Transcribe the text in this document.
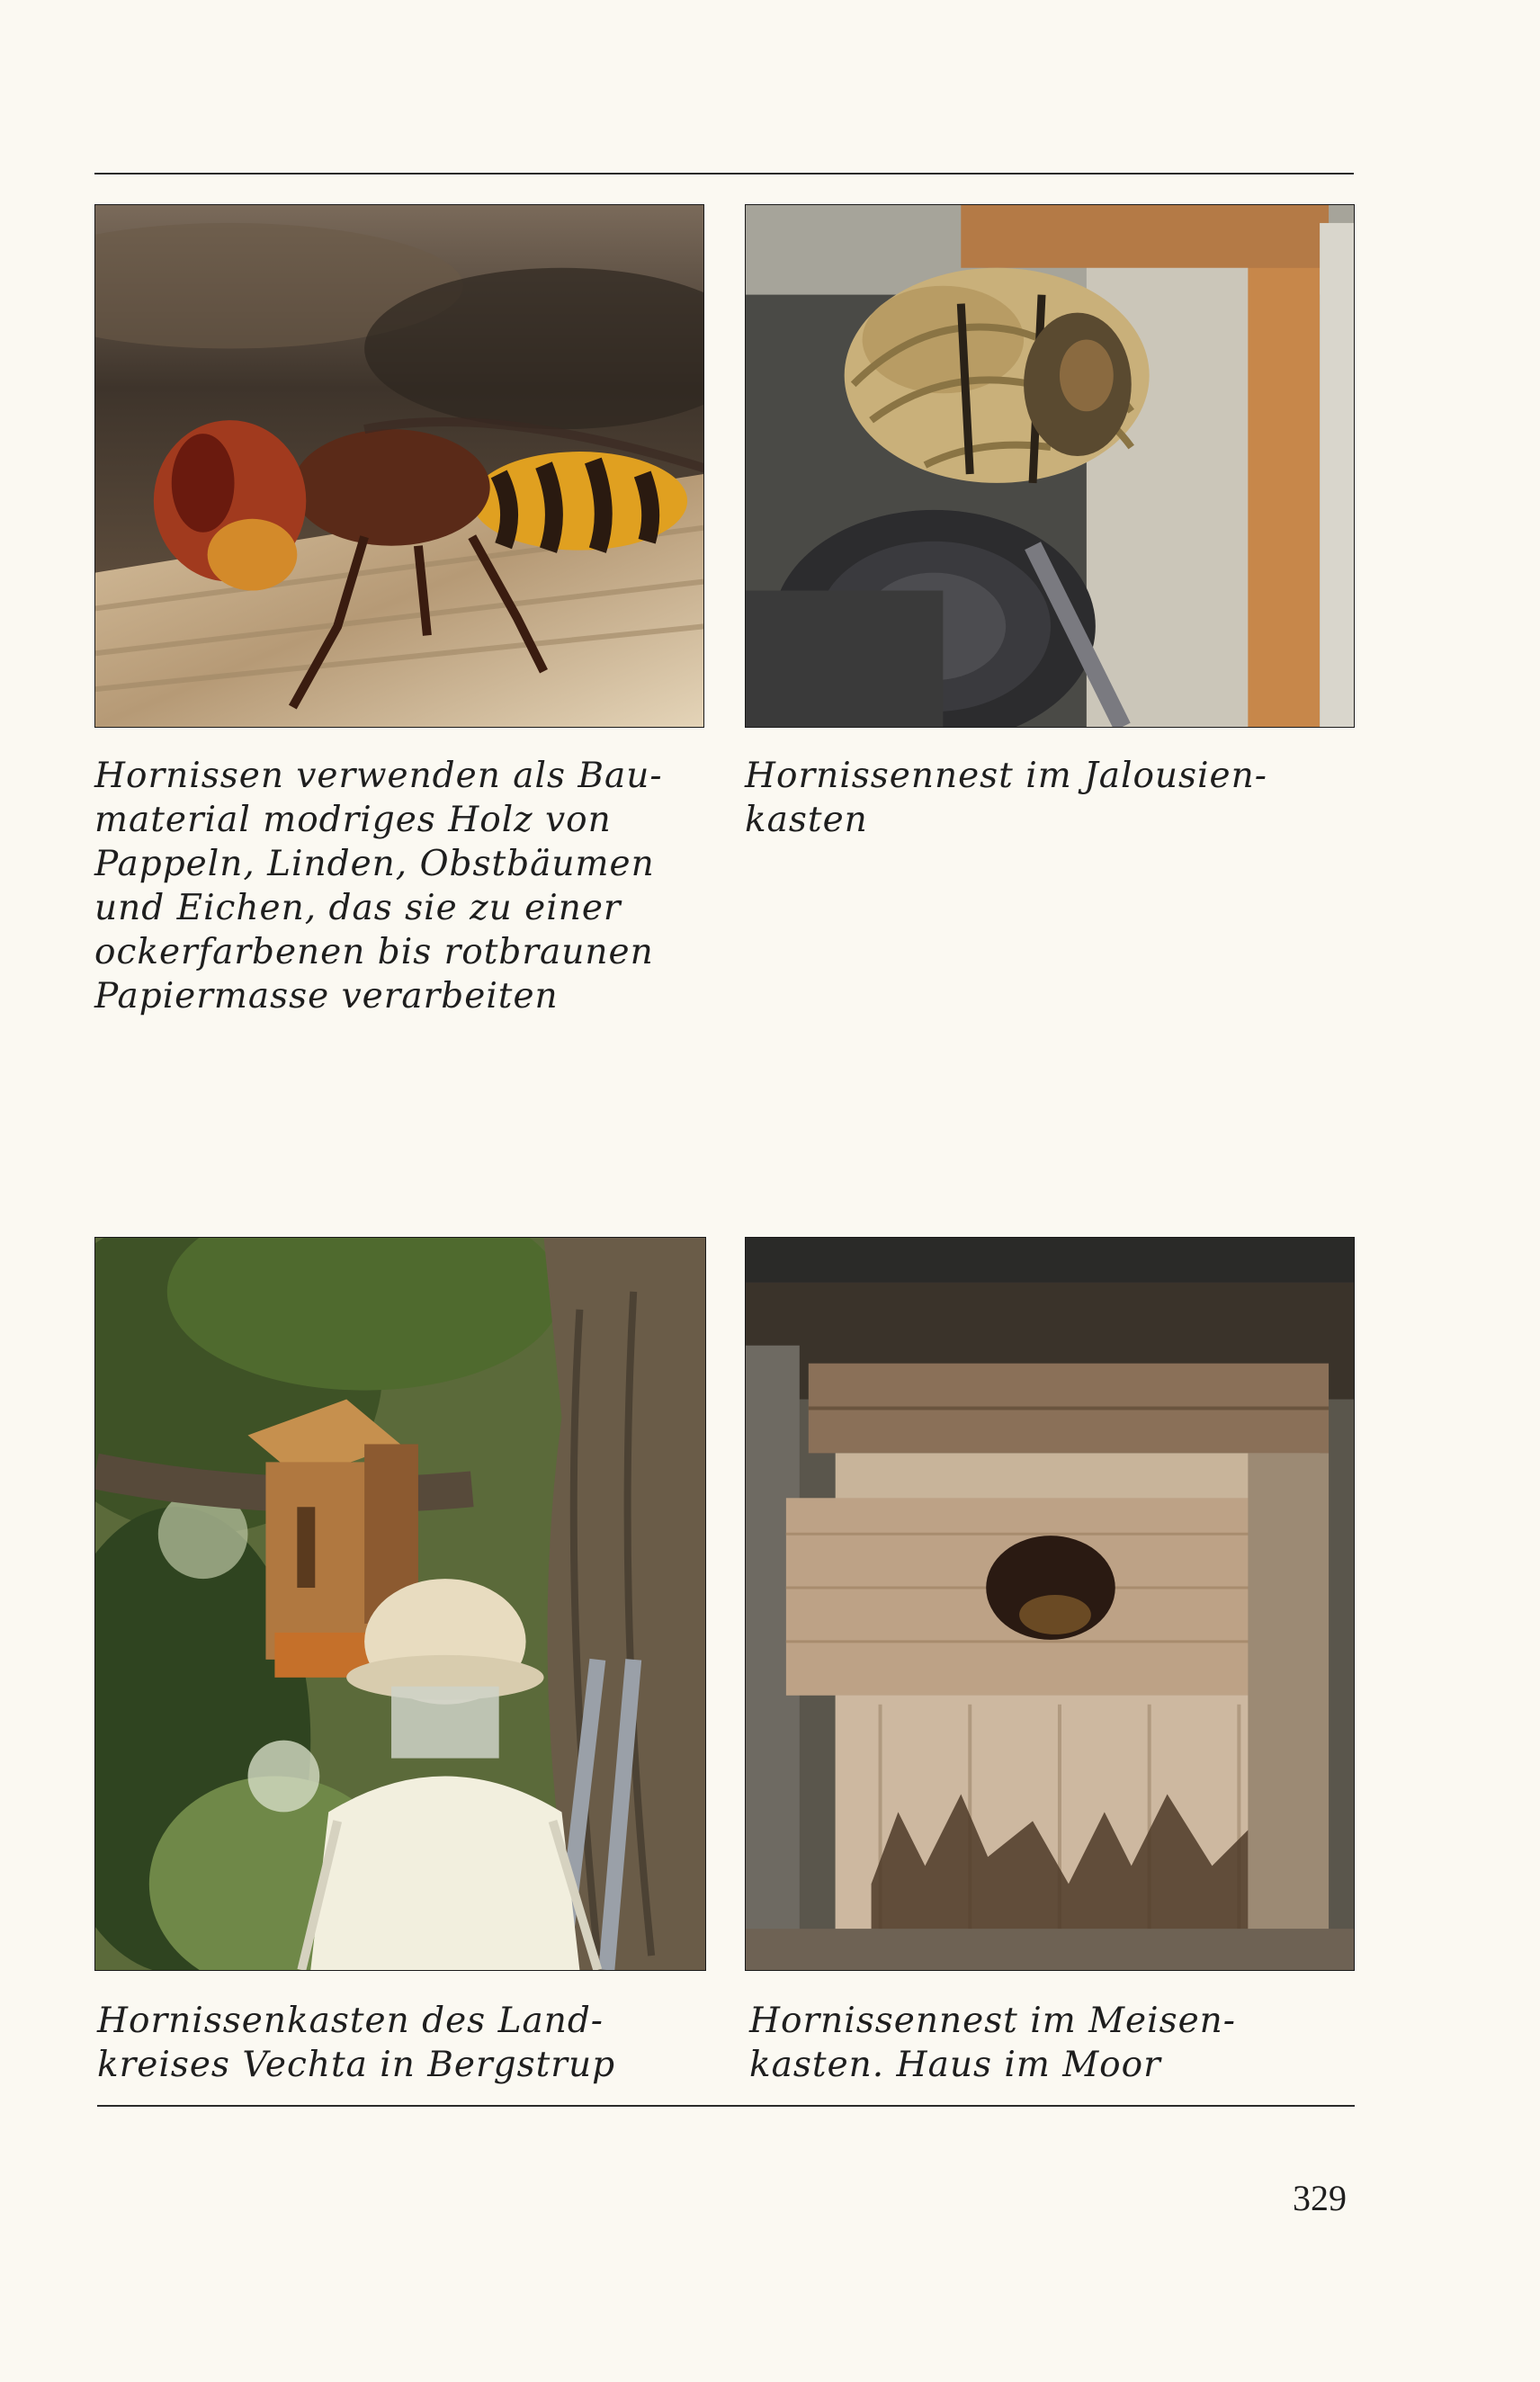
Hornissen verwenden als Bau-
material modriges Holz von
Pappeln, Linden, Obstbäumen
und Eichen, das sie zu einer
ockerfarbenen bis rotbraunen
Papiermasse verarbeiten

Hornissennest im Jalousien-
kasten

Hornissenkasten des Land-
kreises Vechta in Bergstrup

Hornissennest im Meisen-
kasten. Haus im Moor

329
